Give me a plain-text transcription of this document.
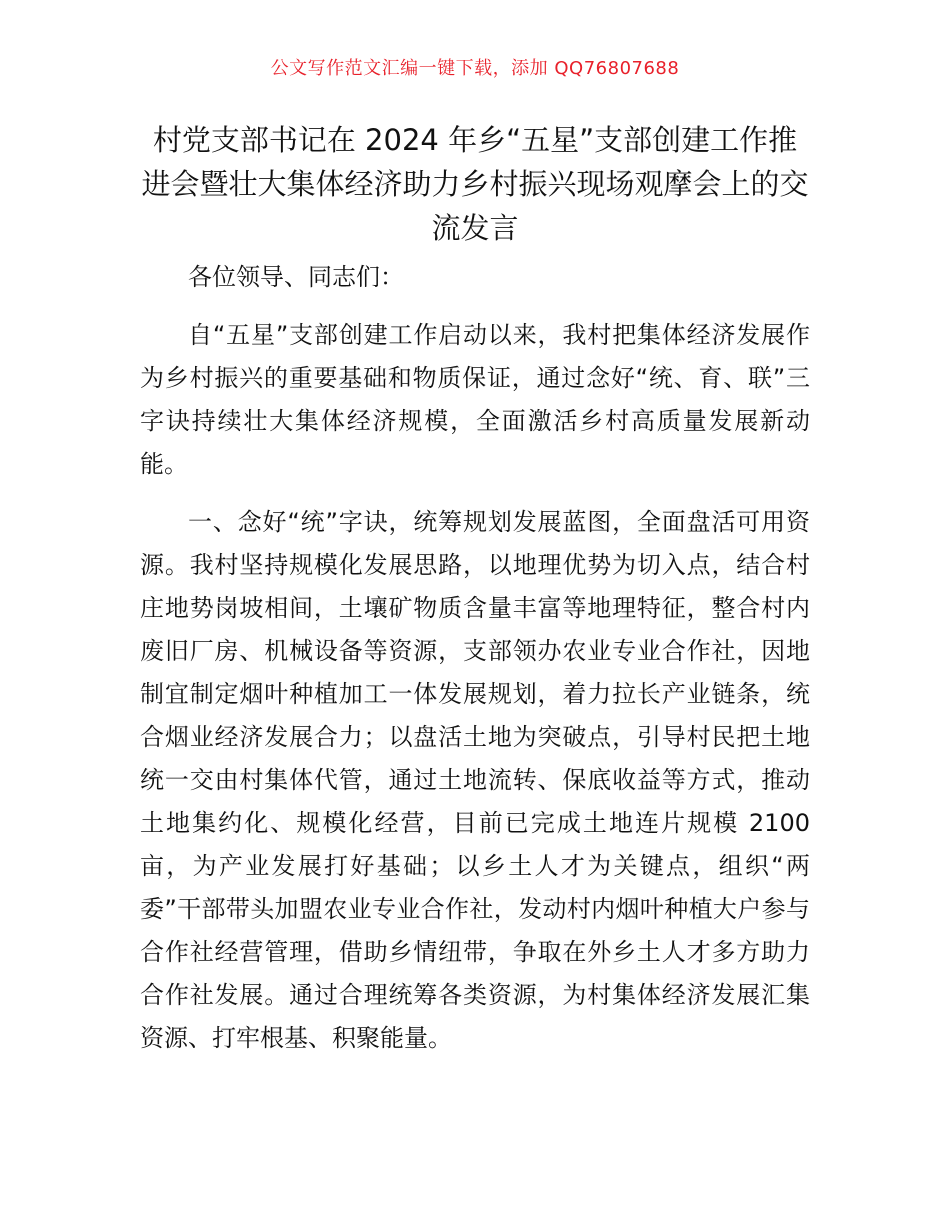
公文写作范文汇编一键下载，添加 QQ76807688
村党支部书记在 2024 年乡“五星”支部创建工作推进会暨壮大集体经济助力乡村振兴现场观摩会上的交流发言

各位领导、同志们：

自“五星”支部创建工作启动以来，我村把集体经济发展作为乡村振兴的重要基础和物质保证，通过念好“统、育、联”三字诀持续壮大集体经济规模，全面激活乡村高质量发展新动能。

一、念好“统”字诀，统筹规划发展蓝图，全面盘活可用资源。我村坚持规模化发展思路，以地理优势为切入点，结合村庄地势岗坡相间，土壤矿物质含量丰富等地理特征，整合村内废旧厂房、机械设备等资源，支部领办农业专业合作社，因地制宜制定烟叶种植加工一体发展规划，着力拉长产业链条，统合烟业经济发展合力；以盘活土地为突破点，引导村民把土地统一交由村集体代管，通过土地流转、保底收益等方式，推动土地集约化、规模化经营，目前已完成土地连片规模 2100 亩，为产业发展打好基础；以乡土人才为关键点，组织“两委”干部带头加盟农业专业合作社，发动村内烟叶种植大户参与合作社经营管理，借助乡情纽带，争取在外乡土人才多方助力合作社发展。通过合理统筹各类资源，为村集体经济发展汇集资源、打牢根基、积聚能量。
